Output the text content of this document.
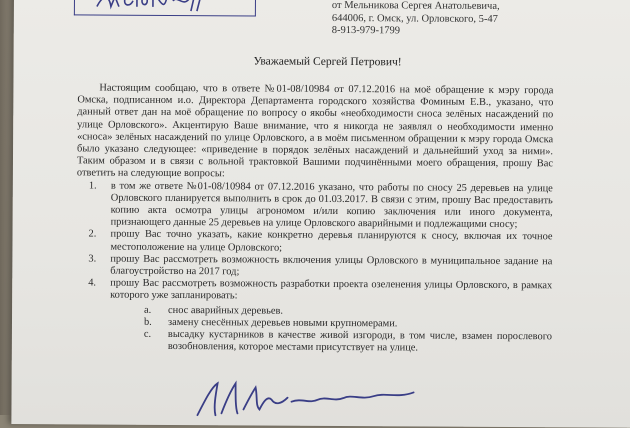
от Мельникова Сергея Анатольевича,
644006, г. Омск, ул. Орловского, 5-47
8-913-979-1799
Уважаемый Сергей Петрович!

Настоящим сообщаю, что в ответе №01-08/10984 от 07.12.2016 на моё обращение к мэру города Омска, подписанном и.о. Директора Департамента городского хозяйства Фоминым Е.В., указано, что данный ответ дан на моё обращение по вопросу о якобы «необходимости сноса зелёных насаждений по улице Орловского». Акцентирую Ваше внимание, что я никогда не заявлял о необходимости именно «сноса» зелёных насаждений по улице Орловского, а в моём письменном обращении к мэру города Омска было указано следующее: «приведение в порядок зелёных насаждений и дальнейший уход за ними». Таким образом и в связи с вольной трактовкой Вашими подчинёнными моего обращения, прошу Вас ответить на следующие вопросы:

1. в том же ответе №01-08/10984 от 07.12.2016 указано, что работы по сносу 25 деревьев на улице Орловского планируется выполнить в срок до 01.03.2017. В связи с этим, прошу Вас предоставить копию акта осмотра улицы агрономом и/или копию заключения или иного документа, признающего данные 25 деревьев на улице Орловского аварийными и подлежащими сносу;
2. прошу Вас точно указать, какие конкретно деревья планируются к сносу, включая их точное местоположение на улице Орловского;
3. прошу Вас рассмотреть возможность включения улицы Орловского в муниципальное задание на благоустройство на 2017 год;
4. прошу Вас рассмотреть возможность разработки проекта озеленения улицы Орловского, в рамках которого уже запланировать:
a. снос аварийных деревьев.
b. замену снесённых деревьев новыми крупномерами.
c. высадку кустарников в качестве живой изгороди, в том числе, взамен порослевого возобновления, которое местами присутствует на улице.
